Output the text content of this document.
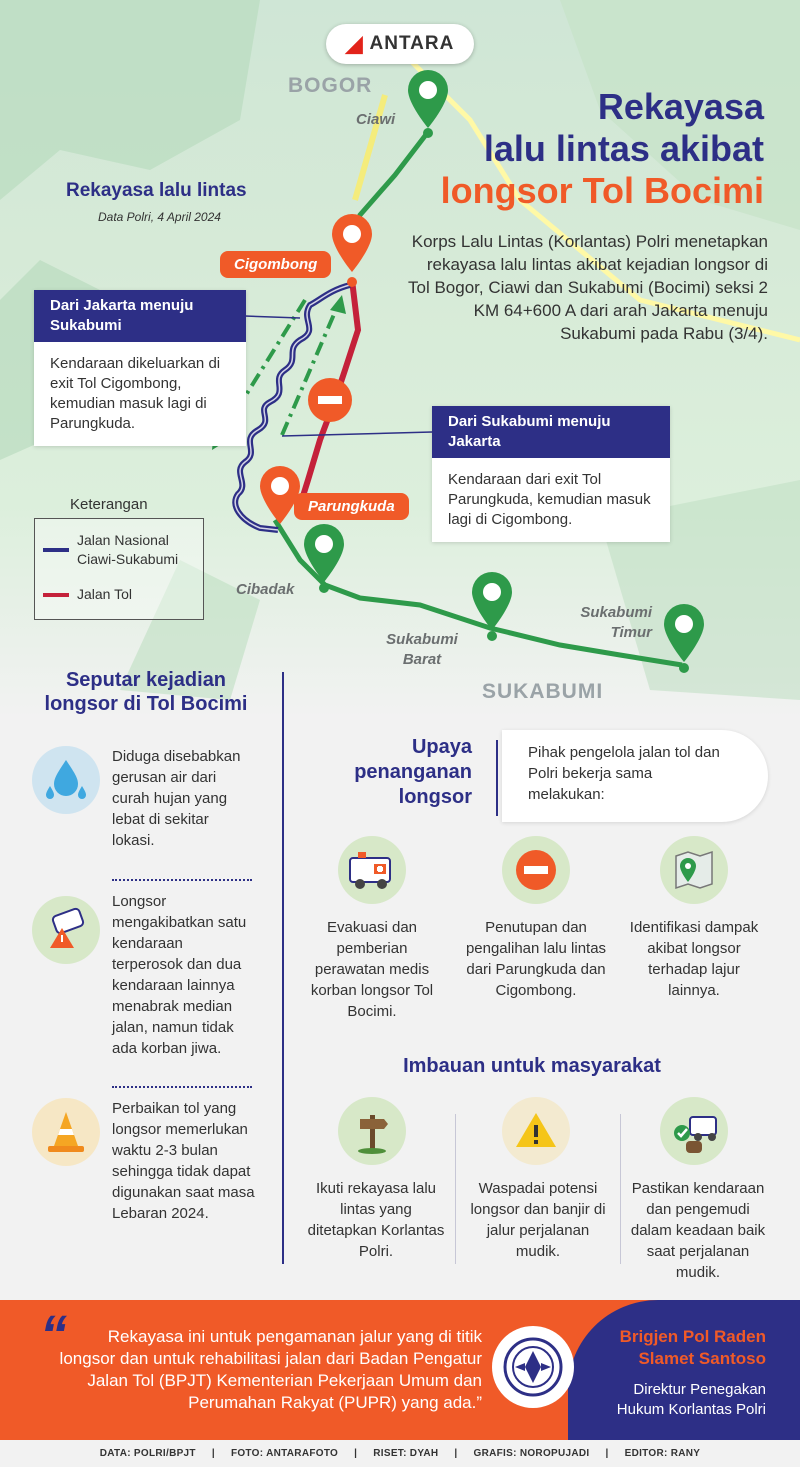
◢ ANTARA
BOGOR
SUKABUMI
Ciawi
Cigombong
Parungkuda
Cibadak
Sukabumi Barat
Sukabumi Timur
Rekayasa
lalu lintas akibat
longsor Tol Bocimi
Rekayasa lalu lintas
Data Polri, 4 April 2024
Korps Lalu Lintas (Korlantas) Polri menetapkan rekayasa lalu lintas akibat kejadian longsor di Tol Bogor, Ciawi dan Sukabumi (Bocimi) seksi 2 KM 64+600 A dari arah Jakarta menuju Sukabumi pada Rabu (3/4).
Dari Jakarta menuju Sukabumi
Kendaraan dikeluarkan di exit Tol Cigombong, kemudian masuk lagi di Parungkuda.	Dari Sukabumi menuju Jakarta
Kendaraan dari exit Tol Parungkuda, kemudian masuk lagi di Cigombong.
Keterangan
Jalan Nasional Ciawi-Sukabumi
Jalan Tol
Seputar kejadian longsor di Tol Bocimi
Diduga disebabkan gerusan air dari curah hujan yang lebat di sekitar lokasi.
Longsor mengakibatkan satu kendaraan terperosok dan dua kendaraan lainnya menabrak median jalan, namun tidak ada korban jiwa.
Perbaikan tol yang longsor memerlukan waktu 2-3 bulan sehingga tidak dapat digunakan saat masa Lebaran 2024.
Upaya penanganan longsor
Pihak pengelola jalan tol dan Polri bekerja sama melakukan:
Evakuasi dan pemberian perawatan medis korban longsor Tol Bocimi.
Penutupan dan pengalihan lalu lintas dari Parungkuda dan Cigombong.
Identifikasi dampak akibat longsor terhadap lajur lainnya.
Imbauan untuk masyarakat
Ikuti rekayasa lalu lintas yang ditetapkan Korlantas Polri.
Waspadai potensi longsor dan banjir di jalur perjalanan mudik.
Pastikan kendaraan dan pengemudi dalam keadaan baik saat perjalanan mudik.
“	Rekayasa ini untuk pengamanan jalur yang di titik longsor dan untuk rehabilitasi jalan dari Badan Pengatur Jalan Tol (BPJT) Kementerian Pekerjaan Umum dan Perumahan Rakyat (PUPR) yang ada.”
Brigjen Pol Raden Slamet Santoso
Direktur Penegakan Hukum Korlantas Polri
DATA: POLRI/BPJT | FOTO: ANTARAFOTO | RISET: DYAH | GRAFIS: NOROPUJADI | EDITOR: RANY
